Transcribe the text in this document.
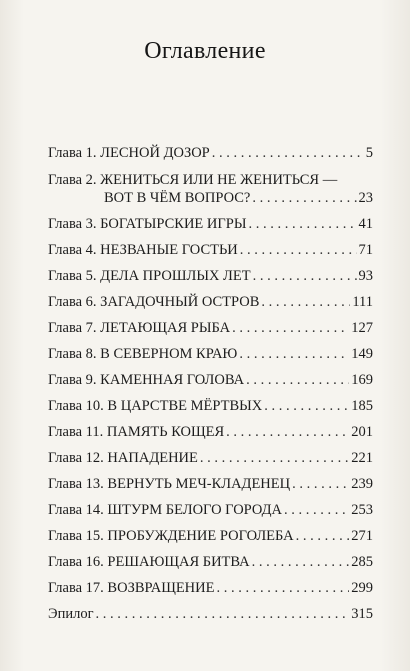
Оглавление
Глава 1. ЛЕСНОЙ ДОЗОР . . .	5
Глава 2. ЖЕНИТЬСЯ ИЛИ НЕ ЖЕНИТЬСЯ —
ВОТ В ЧЁМ ВОПРОС? . . .	23
Глава 3. БОГАТЫРСКИЕ ИГРЫ . . .	41
Глава 4. НЕЗВАНЫЕ ГОСТЬИ . . .	71
Глава 5. ДЕЛА ПРОШЛЫХ ЛЕТ . . .	93
Глава 6. ЗАГАДОЧНЫЙ ОСТРОВ . . .	111
Глава 7. ЛЕТАЮЩАЯ РЫБА . . .	127
Глава 8. В СЕВЕРНОМ КРАЮ . . .	149
Глава 9. КАМЕННАЯ ГОЛОВА . . .	169
Глава 10. В ЦАРСТВЕ МЁРТВЫХ . . .	185
Глава 11. ПАМЯТЬ КОЩЕЯ . . .	201
Глава 12. НАПАДЕНИЕ . . .	221
Глава 13. ВЕРНУТЬ МЕЧ-КЛАДЕНЕЦ . . .	239
Глава 14. ШТУРМ БЕЛОГО ГОРОДА . . .	253
Глава 15. ПРОБУЖДЕНИЕ РОГОЛЕБА . . .	271
Глава 16. РЕШАЮЩАЯ БИТВА . . .	285
Глава 17. ВОЗВРАЩЕНИЕ . . .	299
Эпилог . . .	315
